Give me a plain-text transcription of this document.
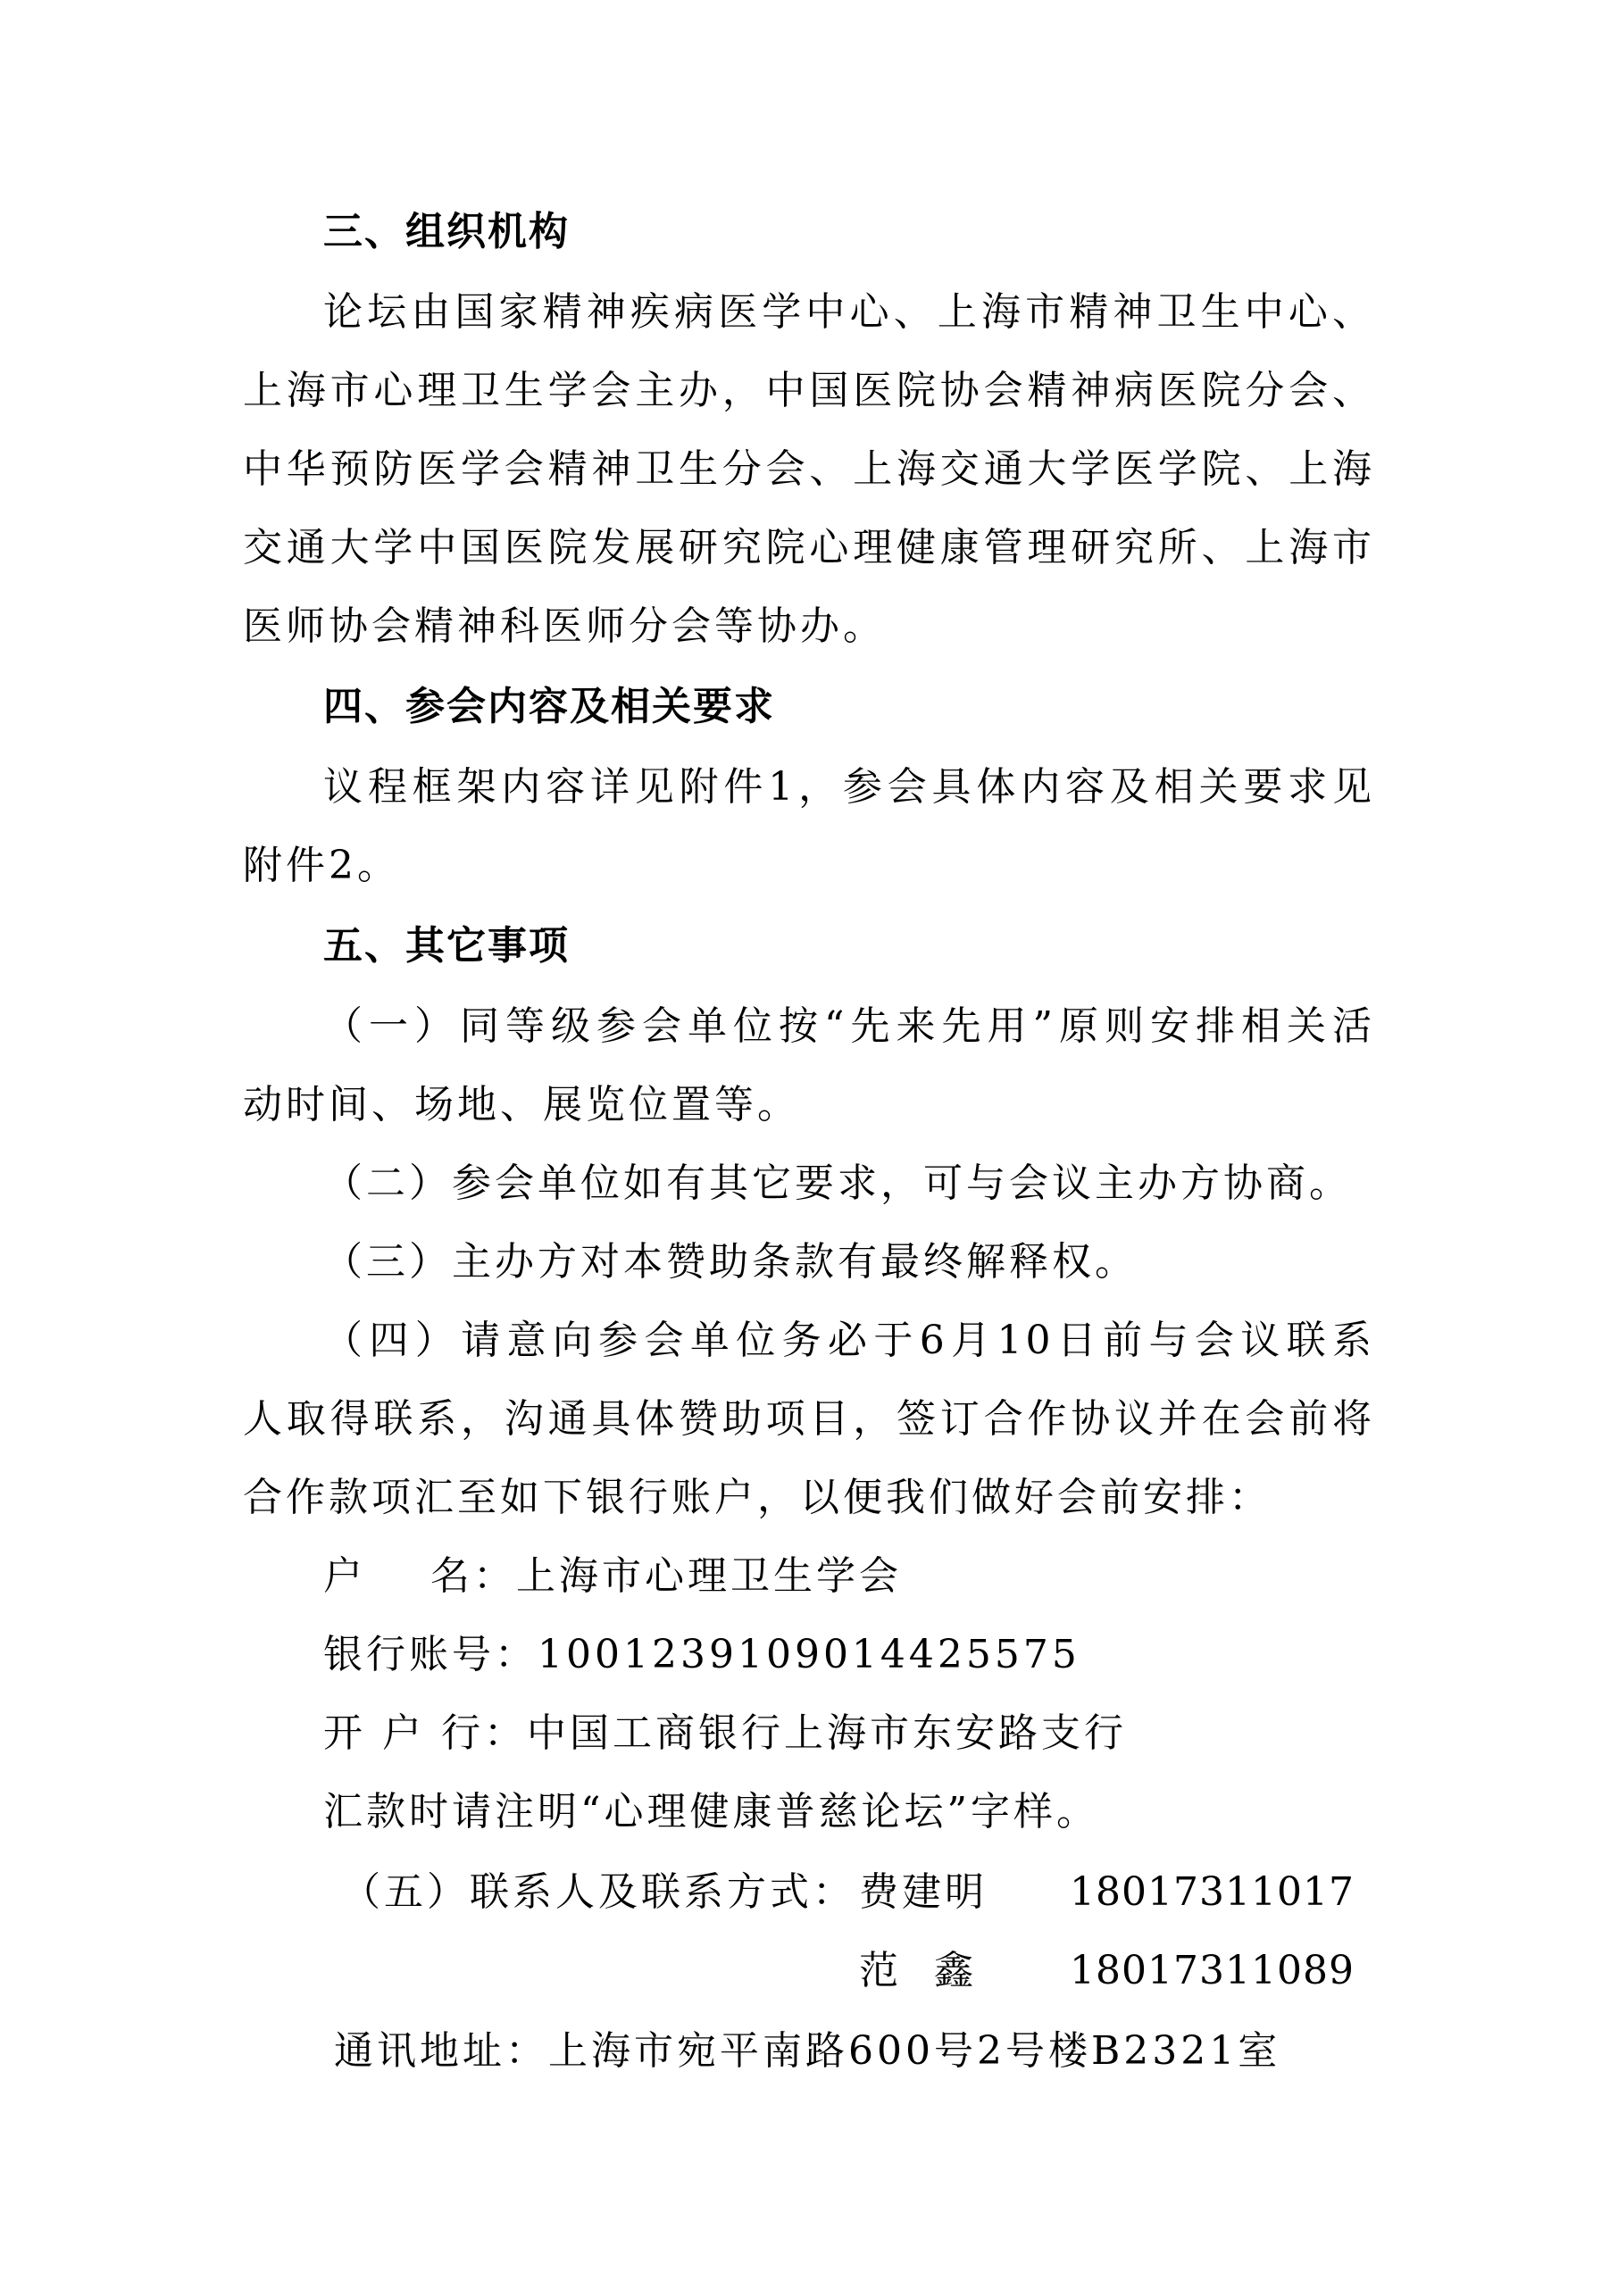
三、组织机构
论坛由国家精神疾病医学中心、上海市精神卫生中心、
上海市心理卫生学会主办，中国医院协会精神病医院分会、
中华预防医学会精神卫生分会、上海交通大学医学院、上海
交通大学中国医院发展研究院心理健康管理研究所、上海市
医师协会精神科医师分会等协办。
四、参会内容及相关要求
议程框架内容详见附件1，参会具体内容及相关要求见
附件2。
五、其它事项
（一）同等级参会单位按“先来先用”原则安排相关活
动时间、场地、展览位置等。
（二）参会单位如有其它要求，可与会议主办方协商。
（三）主办方对本赞助条款有最终解释权。
（四）请意向参会单位务必于6月10日前与会议联系
人取得联系，沟通具体赞助项目，签订合作协议并在会前将
合作款项汇至如下银行账户，以便我们做好会前安排：
户    名：上海市心理卫生学会
银行账号：1001239109014425575
开 户 行：中国工商银行上海市东安路支行
汇款时请注明“心理健康普慈论坛”字样。
（五）联系人及联系方式： 费建明 18017311017
范  鑫 18017311089
通讯地址：上海市宛平南路600号2号楼B2321室
